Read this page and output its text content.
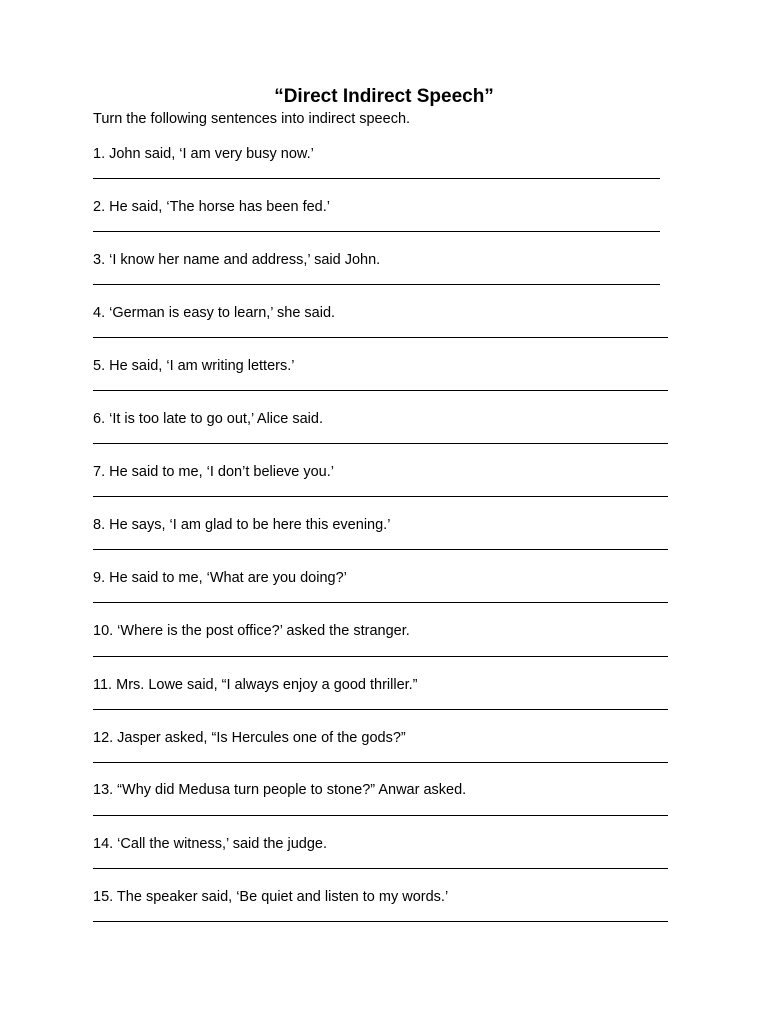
“Direct Indirect Speech”

Turn the following sentences into indirect speech.

1. John said, ‘I am very busy now.’
2. He said, ‘The horse has been fed.’
3. ‘I know her name and address,’ said John.
4. ‘German is easy to learn,’ she said.
5. He said, ‘I am writing letters.’
6. ‘It is too late to go out,’ Alice said.
7. He said to me, ‘I don’t believe you.’
8. He says, ‘I am glad to be here this evening.’
9. He said to me, ‘What are you doing?’
10. ‘Where is the post office?’ asked the stranger.
11. Mrs. Lowe said, “I always enjoy a good thriller.”
12. Jasper asked, “Is Hercules one of the gods?”
13. “Why did Medusa turn people to stone?” Anwar asked.
14. ‘Call the witness,’ said the judge.
15. The speaker said, ‘Be quiet and listen to my words.’
